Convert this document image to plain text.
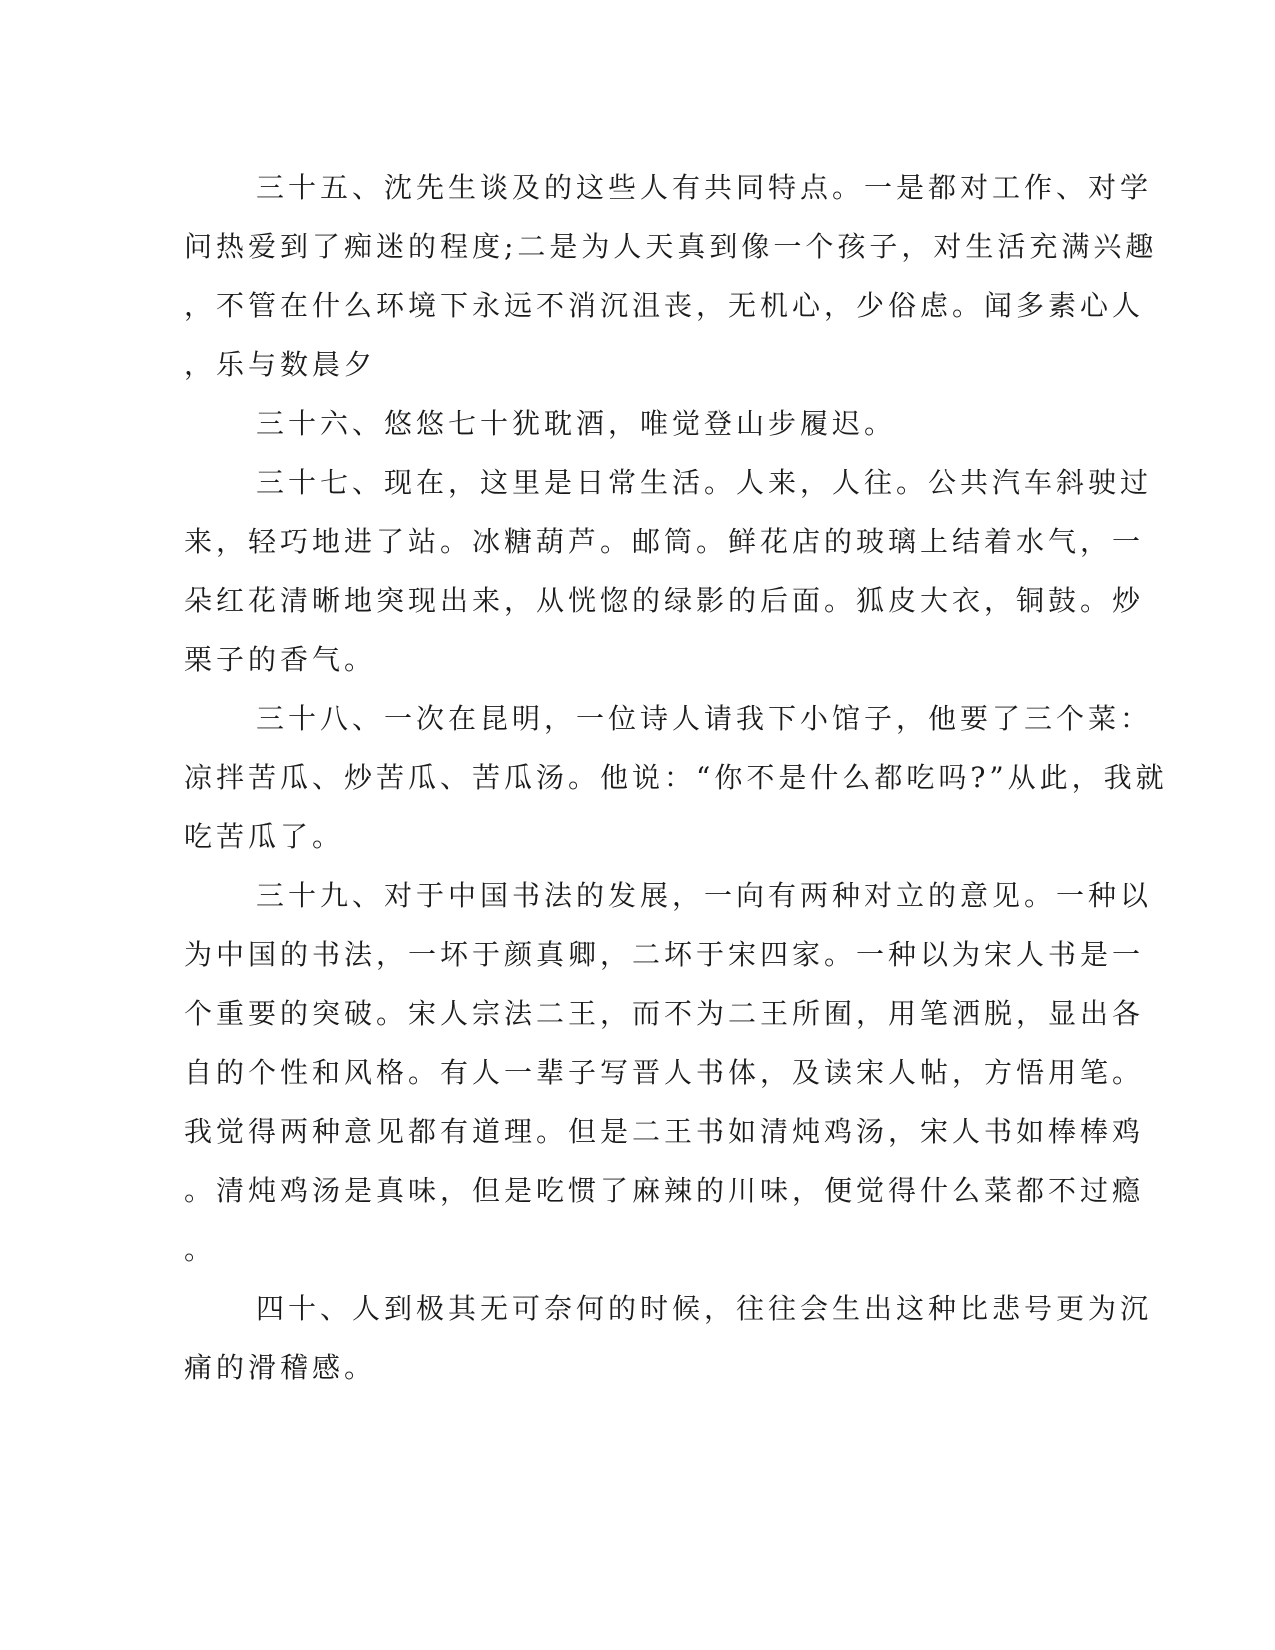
三十五、沈先生谈及的这些人有共同特点。一是都对工作、对学
问热爱到了痴迷的程度;二是为人天真到像一个孩子，对生活充满兴趣
，不管在什么环境下永远不消沉沮丧，无机心，少俗虑。闻多素心人
，乐与数晨夕
三十六、悠悠七十犹耽酒，唯觉登山步履迟。
三十七、现在，这里是日常生活。人来，人往。公共汽车斜驶过
来，轻巧地进了站。冰糖葫芦。邮筒。鲜花店的玻璃上结着水气，一
朵红花清晰地突现出来，从恍惚的绿影的后面。狐皮大衣，铜鼓。炒
栗子的香气。
三十八、一次在昆明，一位诗人请我下小馆子，他要了三个菜：
凉拌苦瓜、炒苦瓜、苦瓜汤。他说：“你不是什么都吃吗?”从此，我就
吃苦瓜了。
三十九、对于中国书法的发展，一向有两种对立的意见。一种以
为中国的书法，一坏于颜真卿，二坏于宋四家。一种以为宋人书是一
个重要的突破。宋人宗法二王，而不为二王所囿，用笔洒脱，显出各
自的个性和风格。有人一辈子写晋人书体，及读宋人帖，方悟用笔。
我觉得两种意见都有道理。但是二王书如清炖鸡汤，宋人书如棒棒鸡
。清炖鸡汤是真味，但是吃惯了麻辣的川味，便觉得什么菜都不过瘾
。
四十、人到极其无可奈何的时候，往往会生出这种比悲号更为沉
痛的滑稽感。
